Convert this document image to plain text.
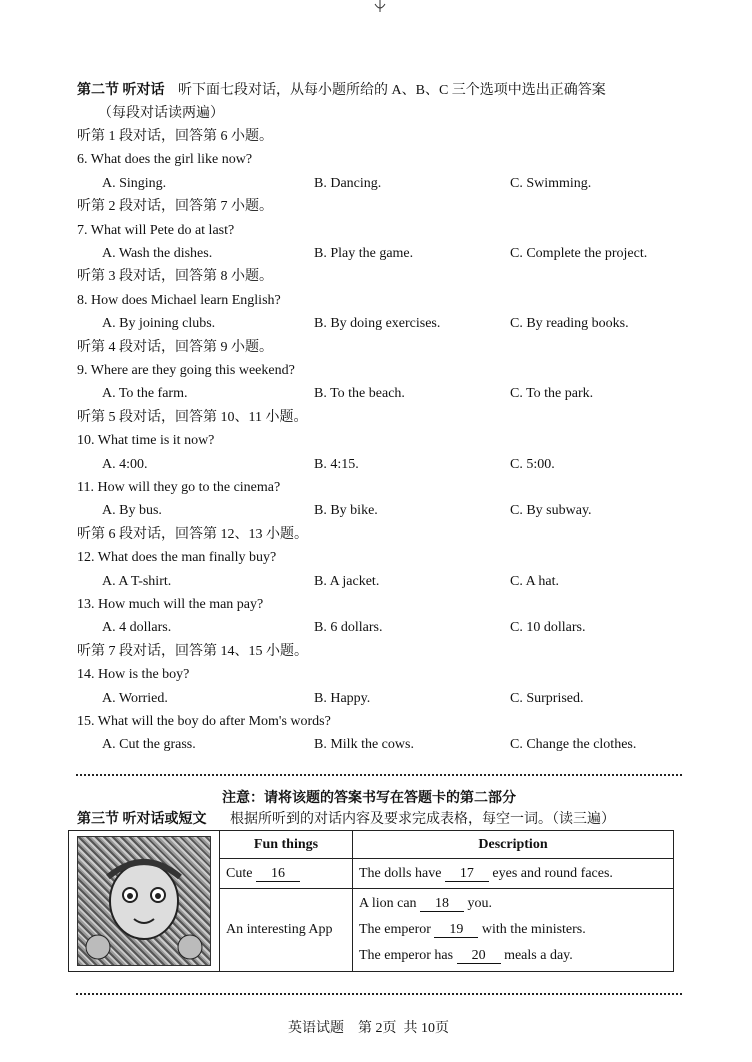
第二节 听对话 听下面七段对话，从每小题所给的 A、B、C 三个选项中选出正确答案
（每段对话读两遍）
听第 1 段对话，回答第 6 小题。
6. What does the girl like now?
A. Singing.	B. Dancing.	C. Swimming.
听第 2 段对话，回答第 7 小题。
7. What will Pete do at last?
A. Wash the dishes.	B. Play the game.	C. Complete the project.
听第 3 段对话，回答第 8 小题。
8. How does Michael learn English?
A. By joining clubs.	B. By doing exercises.	C. By reading books.
听第 4 段对话，回答第 9 小题。
9. Where are they going this weekend?
A. To the farm.	B. To the beach.	C. To the park.
听第 5 段对话，回答第 10、11 小题。
10. What time is it now?
A. 4:00.	B. 4:15.	C. 5:00.
11. How will they go to the cinema?
A. By bus.	B. By bike.	C. By subway.
听第 6 段对话，回答第 12、13 小题。
12. What does the man finally buy?
A. A T-shirt.	B. A jacket.	C. A hat.
13. How much will the man pay?
A. 4 dollars.	B. 6 dollars.	C. 10 dollars.
听第 7 段对话，回答第 14、15 小题。
14. How is the boy?
A. Worried.	B. Happy.	C. Surprised.
15. What will the boy do after Mom's words?
A. Cut the grass.	B. Milk the cows.	C. Change the clothes.
注意：请将该题的答案书写在答题卡的第二部分
第三节 听对话或短文 根据所听到的对话内容及要求完成表格，每空一词。（读三遍）
	Fun things	Description
	Cute 16	The dolls have 17 eyes and round faces.
	An interesting App	A lion can 18 you.
The emperor 19 with the ministers.
The emperor has 20 meals a day.
英语试题    第 2页  共 10页
